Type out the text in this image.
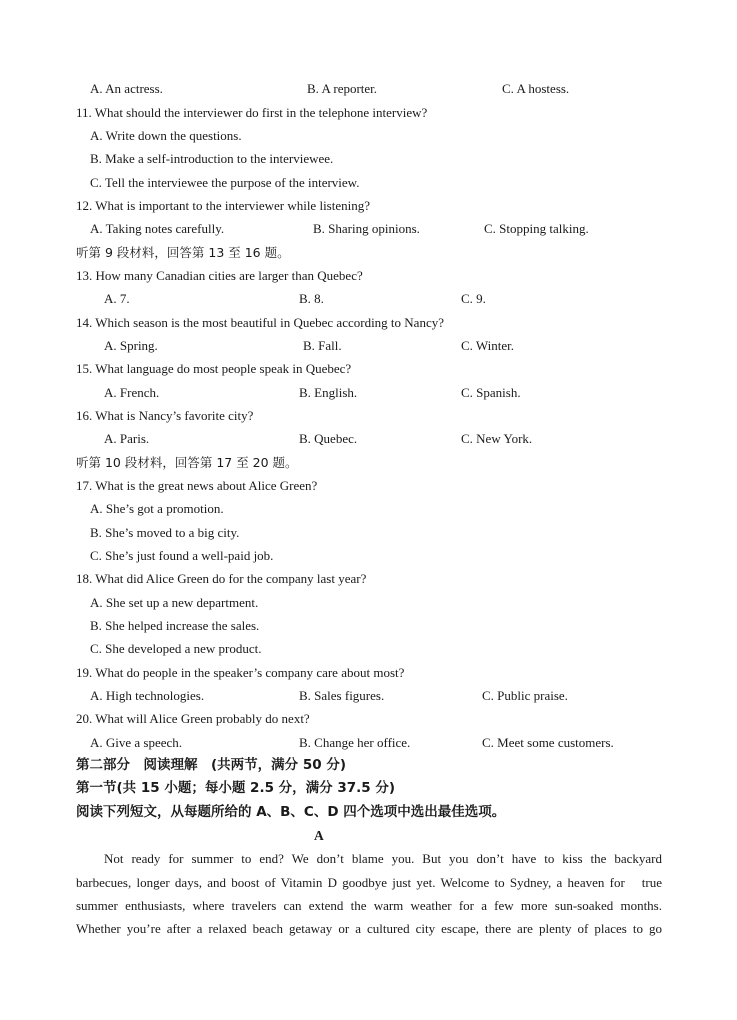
A. An actress.	B. A reporter.	C. A hostess.
11. What should the interviewer do first in the telephone interview?
A. Write down the questions.
B. Make a self-introduction to the interviewee.
C. Tell the interviewee the purpose of the interview.
12. What is important to the interviewer while listening?
A. Taking notes carefully.	B. Sharing opinions.	C. Stopping talking.
听第 9 段材料，回答第 13 至 16 题。
13. How many Canadian cities are larger than Quebec?
A. 7.	B. 8.	C. 9.
14. Which season is the most beautiful in Quebec according to Nancy?
A. Spring.	B. Fall.	C. Winter.
15. What language do most people speak in Quebec?
A. French.	B. English.	C. Spanish.
16. What is Nancy’s favorite city?
A. Paris.	B. Quebec.	C. New York.
听第 10 段材料，回答第 17 至 20 题。
17. What is the great news about Alice Green?
A. She’s got a promotion.
B. She’s moved to a big city.
C. She’s just found a well-paid job.
18. What did Alice Green do for the company last year?
A. She set up a new department.
B. She helped increase the sales.
C. She developed a new product.
19. What do people in the speaker’s company care about most?
A. High technologies.	B. Sales figures.	C. Public praise.
20. What will Alice Green probably do next?
A. Give a speech.	B. Change her office.	C. Meet some customers.
第二部分　阅读理解　(共两节，满分 50 分)
第一节(共 15 小题；每小题 2.5 分，满分 37.5 分)
阅读下列短文，从每题所给的 A、B、C、D 四个选项中选出最佳选项。
A
Not ready for summer to end? We don’t blame you. But you don’t have to kiss the backyard
barbecues, longer days, and boost of Vitamin D goodbye just yet. Welcome to Sydney, a heaven for　true
summer enthusiasts, where travelers can extend the warm weather for a few more sun-soaked months.
Whether you’re after a relaxed beach getaway or a cultured city escape, there are plenty of places to go
